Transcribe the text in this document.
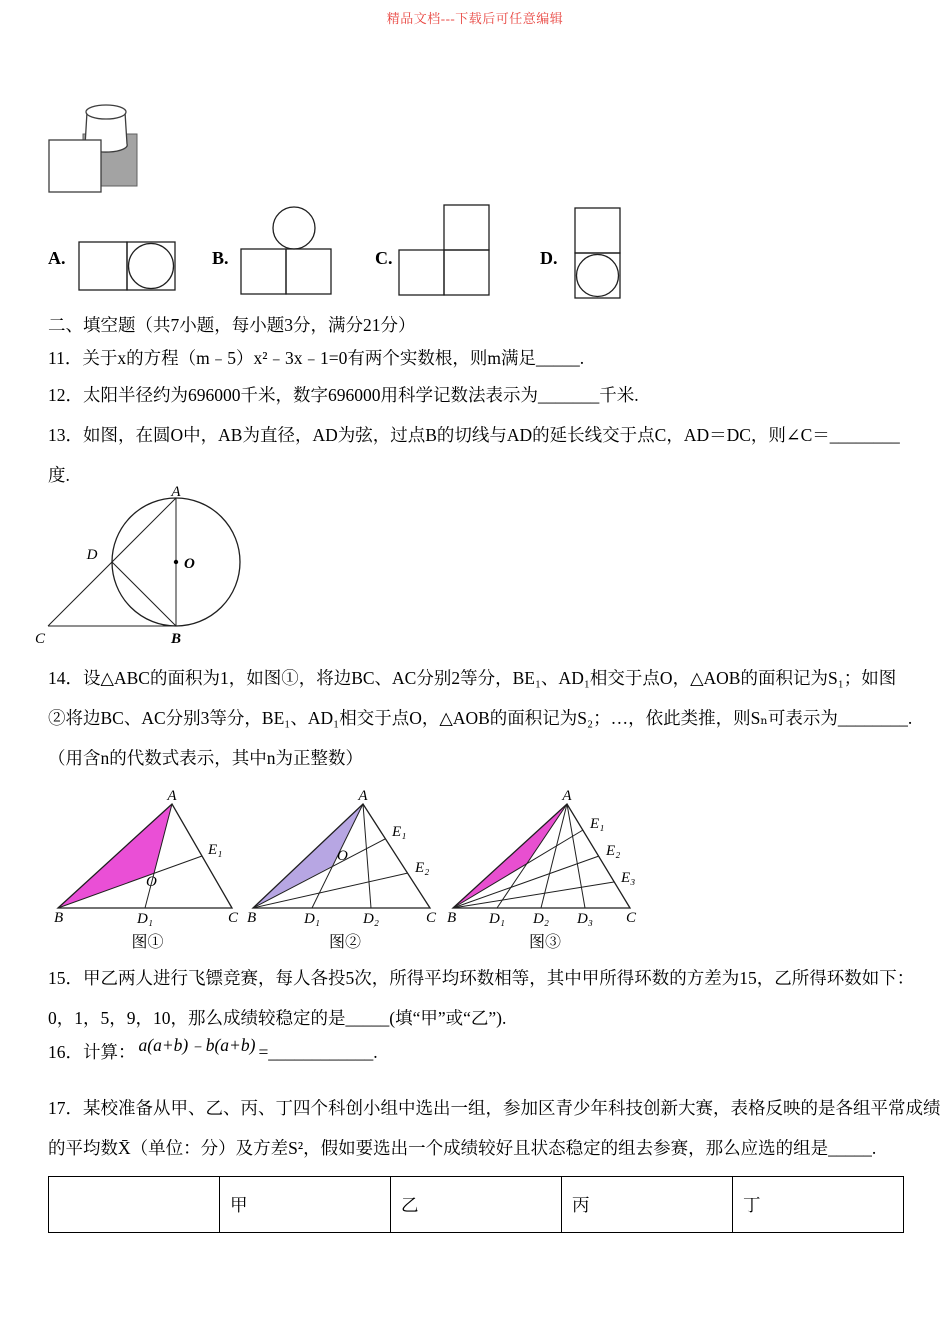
精品文档---下载后可任意编辑
A.	B.	C.	D.
二、填空题（共7小题，每小题3分，满分21分）
11．关于x的方程（m﹣5）x²﹣3x﹣1=0有两个实数根，则m满足_____.
12．太阳半径约为696000千米，数字696000用科学记数法表示为_______千米.
13．如图，在圆O中，AB为直径，AD为弦，过点B的切线与AD的延长线交于点C，AD＝DC，则∠C＝________
度.
A
D
O
C	B
14．设△ABC的面积为1，如图①，将边BC、AC分别2等分，BE₁、AD₁相交于点O，△AOB的面积记为S₁；如图
②将边BC、AC分别3等分，BE₁、AD₁相交于点O，△AOB的面积记为S₂；…，依此类推，则Sₙ可表示为________.
（用含n的代数式表示，其中n为正整数）
A
B	C
D₁
E₁
O
图①
A
B	C
D₁	D₂
E₁
E₂
O
图②
A
B	C
D₁ D₂ D₃
E₁
E₂
E₃
图③
15．甲乙两人进行飞镖竞赛，每人各投5次，所得平均环数相等，其中甲所得环数的方差为15，乙所得环数如下：
0，1，5，9，10，那么成绩较稳定的是_____(填“甲”或“乙”).
16．计算： a(a+b)﹣b(a+b) =____________.
17．某校准备从甲、乙、丙、丁四个科创小组中选出一组，参加区青少年科技创新大赛，表格反映的是各组平常成绩
的平均数X̄（单位：分）及方差S²，假如要选出一个成绩较好且状态稳定的组去参赛，那么应选的组是_____.
	甲	乙	丙	丁
